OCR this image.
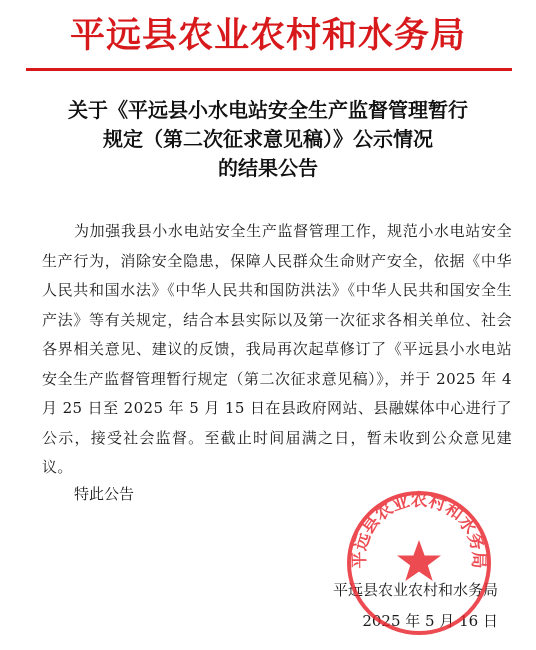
平远县农业农村和水务局
关于《平远县小水电站安全生产监督管理暂行
规定（第二次征求意见稿）》公示情况
的结果公告

为加强我县小水电站安全生产监督管理工作，规范小水电站安全生产行为，消除安全隐患，保障人民群众生命财产安全，依据《中华人民共和国水法》《中华人民共和国防洪法》《中华人民共和国安全生产法》等有关规定，结合本县实际以及第一次征求各相关单位、社会各界相关意见、建议的反馈，我局再次起草修订了《平远县小水电站安全生产监督管理暂行规定（第二次征求意见稿）》，并于 2025 年 4 月 25 日至 2025 年 5 月 15 日在县政府网站、县融媒体中心进行了公示，接受社会监督。至截止时间届满之日，暂未收到公众意见建议。

特此公告

平远县农业农村和水务局
2025 年 5 月 16 日
平远县农业农村和水务局
